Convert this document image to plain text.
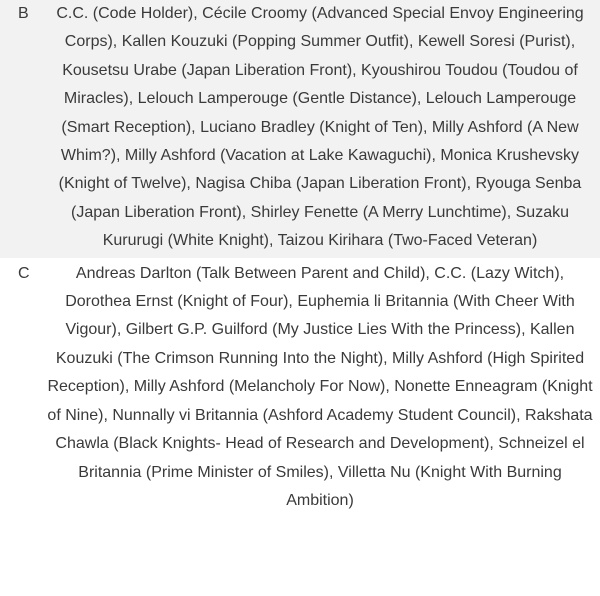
B	C.C. (Code Holder), Cécile Croomy (Advanced Special Envoy Engineering Corps), Kallen Kouzuki (Popping Summer Outfit), Kewell Soresi (Purist), Kousetsu Urabe (Japan Liberation Front), Kyoushirou Toudou (Toudou of Miracles), Lelouch Lamperouge (Gentle Distance), Lelouch Lamperouge (Smart Reception), Luciano Bradley (Knight of Ten), Milly Ashford (A New Whim?), Milly Ashford (Vacation at Lake Kawaguchi), Monica Krushevsky (Knight of Twelve), Nagisa Chiba (Japan Liberation Front), Ryouga Senba (Japan Liberation Front), Shirley Fenette (A Merry Lunchtime), Suzaku Kururugi (White Knight), Taizou Kirihara (Two-Faced Veteran)
C	Andreas Darlton (Talk Between Parent and Child), C.C. (Lazy Witch), Dorothea Ernst (Knight of Four), Euphemia li Britannia (With Cheer With Vigour), Gilbert G.P. Guilford (My Justice Lies With the Princess), Kallen Kouzuki (The Crimson Running Into the Night), Milly Ashford (High Spirited Reception), Milly Ashford (Melancholy For Now), Nonette Enneagram (Knight of Nine), Nunnally vi Britannia (Ashford Academy Student Council), Rakshata Chawla (Black Knights- Head of Research and Development), Schneizel el Britannia (Prime Minister of Smiles), Villetta Nu (Knight With Burning Ambition)
